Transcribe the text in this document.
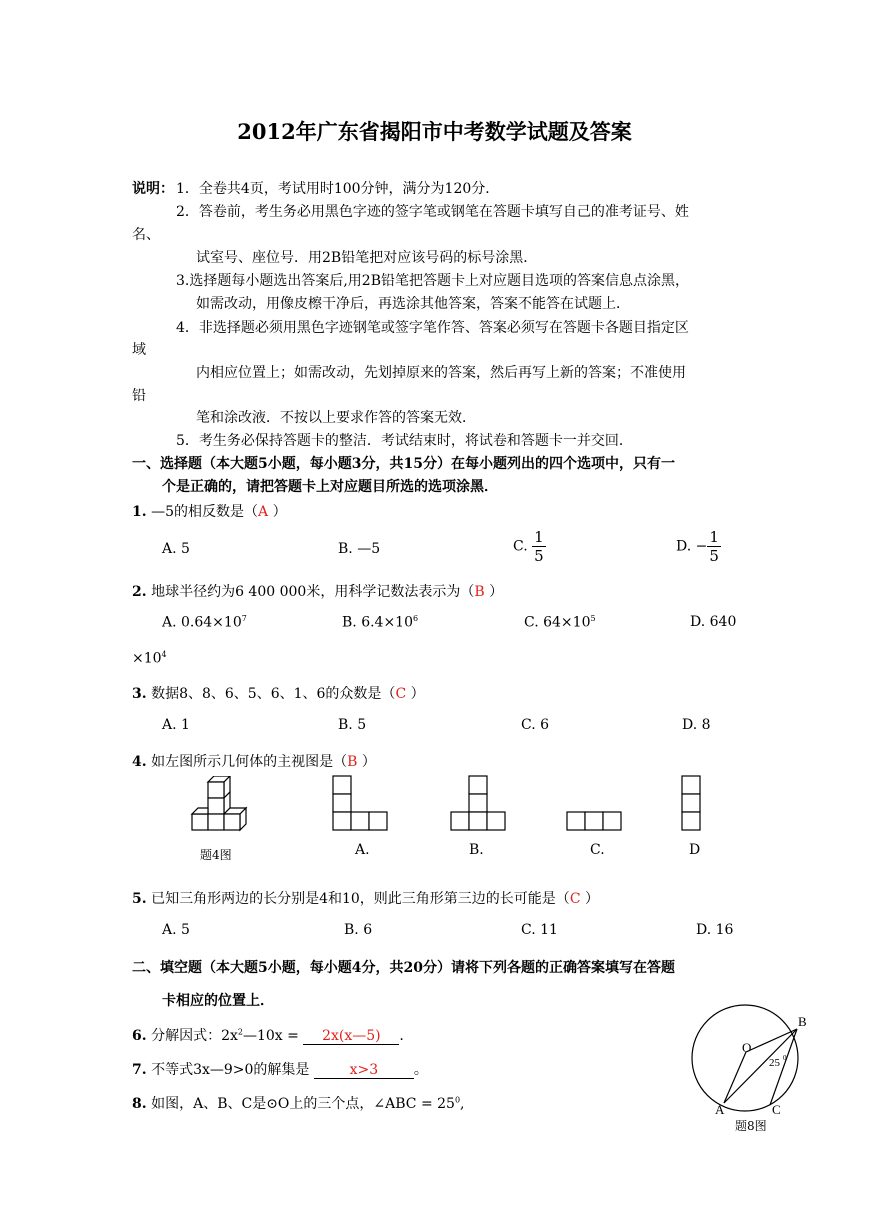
2012年广东省揭阳市中考数学试题及答案
说明： 1．全卷共4页，考试用时100分钟，满分为120分．
2．答卷前，考生务必用黑色字迹的签字笔或钢笔在答题卡填写自己的准考证号、姓
名、
试室号、座位号．用2B铅笔把对应该号码的标号涂黑．
3.选择题每小题选出答案后,用2B铅笔把答题卡上对应题目选项的答案信息点涂黑，
如需改动，用像皮檫干净后，再选涂其他答案，答案不能答在试题上．
4．非选择题必须用黑色字迹钢笔或签字笔作答、答案必须写在答题卡各题目指定区
域
内相应位置上；如需改动，先划掉原来的答案，然后再写上新的答案；不准使用
铅
笔和涂改液．不按以上要求作答的答案无效．
5．考生务必保持答题卡的整洁．考试结束时，将试卷和答题卡一并交回．
一、选择题（本大题5小题，每小题3分，共15分）在每小题列出的四个选项中，只有一
个是正确的，请把答题卡上对应题目所选的选项涂黑．
1. —5的相反数是（A ）
A. 5	B. —5	C. $\frac{1}{5}$	D. − $\frac{1}{5}$
2. 地球半径约为6 400 000米，用科学记数法表示为（B ）
A. $0.64\times 10^7$	B. $6.4\times 10^6$	C. $64\times 10^5$	D. 640
$\times 10^4$
3. 数据8、8、6、5、6、1、6的众数是（C ）
A. 1	B. 5	C. 6	D. 8
4. 如左图所示几何体的主视图是（B ）
题4图	A.	B.	C.	D
5. 已知三角形两边的长分别是4和10，则此三角形第三边的长可能是（C ）
A. 5	B. 6	C. 11	D. 16
二、填空题（本大题5小题，每小题4分，共20分）请将下列各题的正确答案填写在答题
卡相应的位置上．
6. 分解因式：$2x^2—10x$ = 2x(x—5) .
7. 不等式3x—9>0的解集是	x>3	。
8. 如图，A、B、C是⊙O上的三个点，∠ABC = $25^0$,
O
B
A	C
25 0
题8图
